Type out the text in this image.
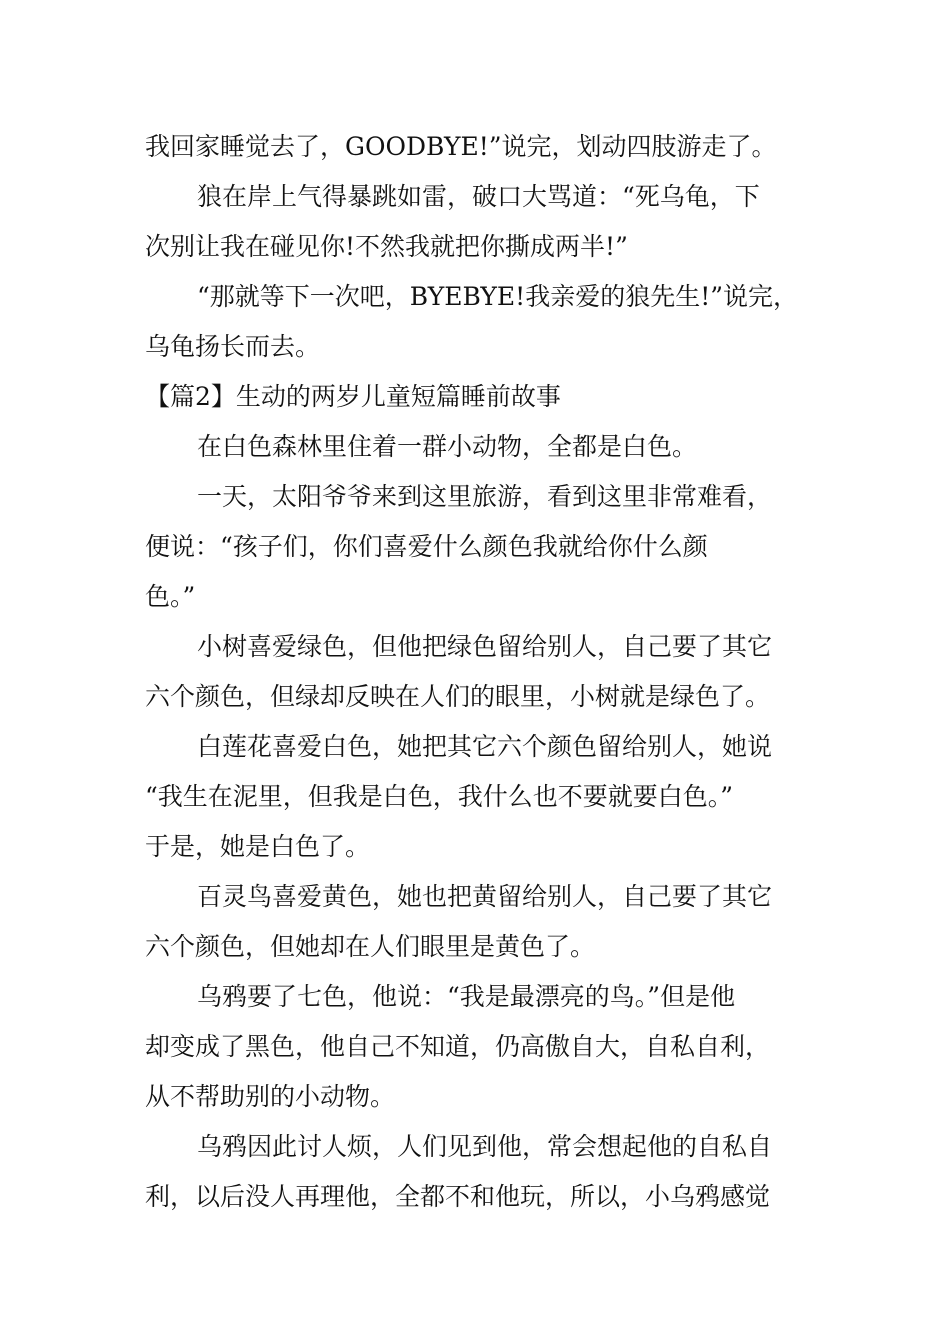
我回家睡觉去了，GOODBYE!”说完，划动四肢游走了。
狼在岸上气得暴跳如雷，破口大骂道：“死乌龟，下
次别让我在碰见你!不然我就把你撕成两半!”
“那就等下一次吧，BYEBYE!我亲爱的狼先生!”说完，
乌龟扬长而去。
【篇2】生动的两岁儿童短篇睡前故事
在白色森林里住着一群小动物，全都是白色。
一天，太阳爷爷来到这里旅游，看到这里非常难看，
便说：“孩子们，你们喜爱什么颜色我就给你什么颜
色。”
小树喜爱绿色，但他把绿色留给别人，自己要了其它
六个颜色，但绿却反映在人们的眼里，小树就是绿色了。
白莲花喜爱白色，她把其它六个颜色留给别人，她说
“我生在泥里，但我是白色，我什么也不要就要白色。”
于是，她是白色了。
百灵鸟喜爱黄色，她也把黄留给别人，自己要了其它
六个颜色，但她却在人们眼里是黄色了。
乌鸦要了七色，他说：“我是最漂亮的鸟。”但是他
却变成了黑色，他自己不知道，仍高傲自大，自私自利，
从不帮助别的小动物。
乌鸦因此讨人烦，人们见到他，常会想起他的自私自
利，以后没人再理他，全都不和他玩，所以，小乌鸦感觉
